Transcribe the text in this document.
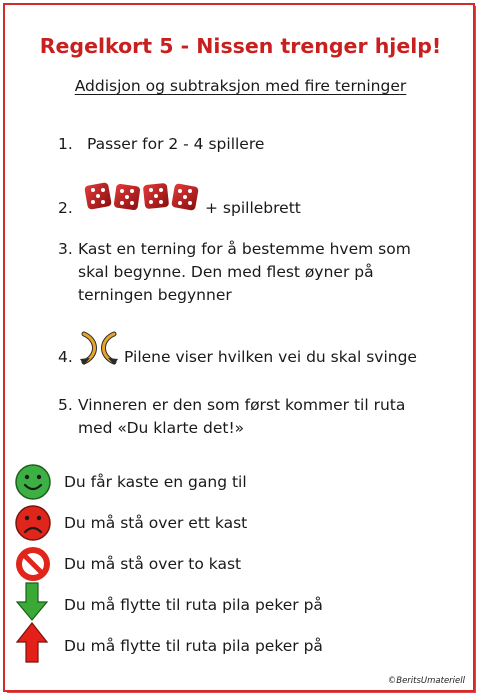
Regelkort 5 - Nissen trenger hjelp!
Addisjon og subtraksjon med fire terninger
1. Passer for 2 - 4 spillere
2.	+ spillebrett
3. Kast en terning for å bestemme hvem som
skal begynne. Den med flest øyner på
terningen begynner
4.	Pilene viser hvilken vei du skal svinge
5. Vinneren er den som først kommer til ruta
med «Du klarte det!»
Du får kaste en gang til
Du må stå over ett kast
Du må stå over to kast
Du må flytte til ruta pila peker på
Du må flytte til ruta pila peker på
©BeritsUmateriell
